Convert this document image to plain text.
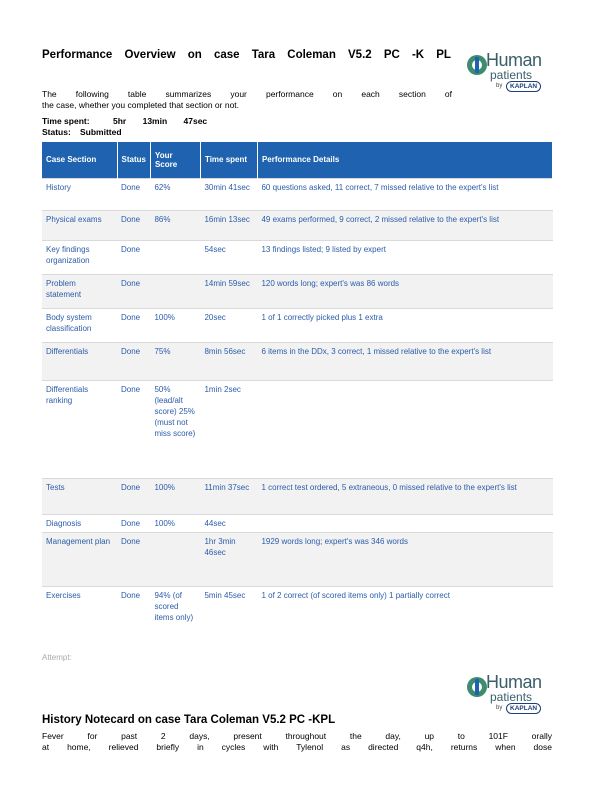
Performance Overview on case Tara Coleman V5.2 PC -K PL Human
patients
by	KAPLAN
The following table summarizes your performance on each section of
the case, whether you completed that section or not.
Time spent:	5hr 13min 47sec
Status: Submitted
Case Section	Status	Your Score	Time spent	Performance Details
History	Done	62%	30min 41sec	60 questions asked, 11 correct, 7 missed relative to the expert's list
Physical exams	Done	86%	16min 13sec	49 exams performed, 9 correct, 2 missed relative to the expert's list
Key findings organization	Done		54sec	13 findings listed; 9 listed by expert
Problem statement	Done		14min 59sec	120 words long; expert's was 86 words
Body system classification	Done	100%	20sec	1 of 1 correctly picked plus 1 extra
Differentials	Done	75%	8min 56sec	6 items in the DDx, 3 correct, 1 missed relative to the expert's list
Differentials ranking	Done	50% (lead/alt score) 25% (must not miss score)	1min 2sec	
Tests	Done	100%	11min 37sec	1 correct test ordered, 5 extraneous, 0 missed relative to the expert's list
Diagnosis	Done	100%	44sec	
Management plan	Done		1hr 3min 46sec	1929 words long; expert's was 346 words
Exercises	Done	94% (of scored items only)	5min 45sec	1 of 2 correct (of scored items only) 1 partially correct
Attempt:
Human
patients
by	KAPLAN
History Notecard on case Tara Coleman V5.2 PC -KPL
Fever for past 2 days, present throughout the day, up to 101F orally
at home, relieved briefly in cycles with Tylenol as directed q4h, returns when dose
